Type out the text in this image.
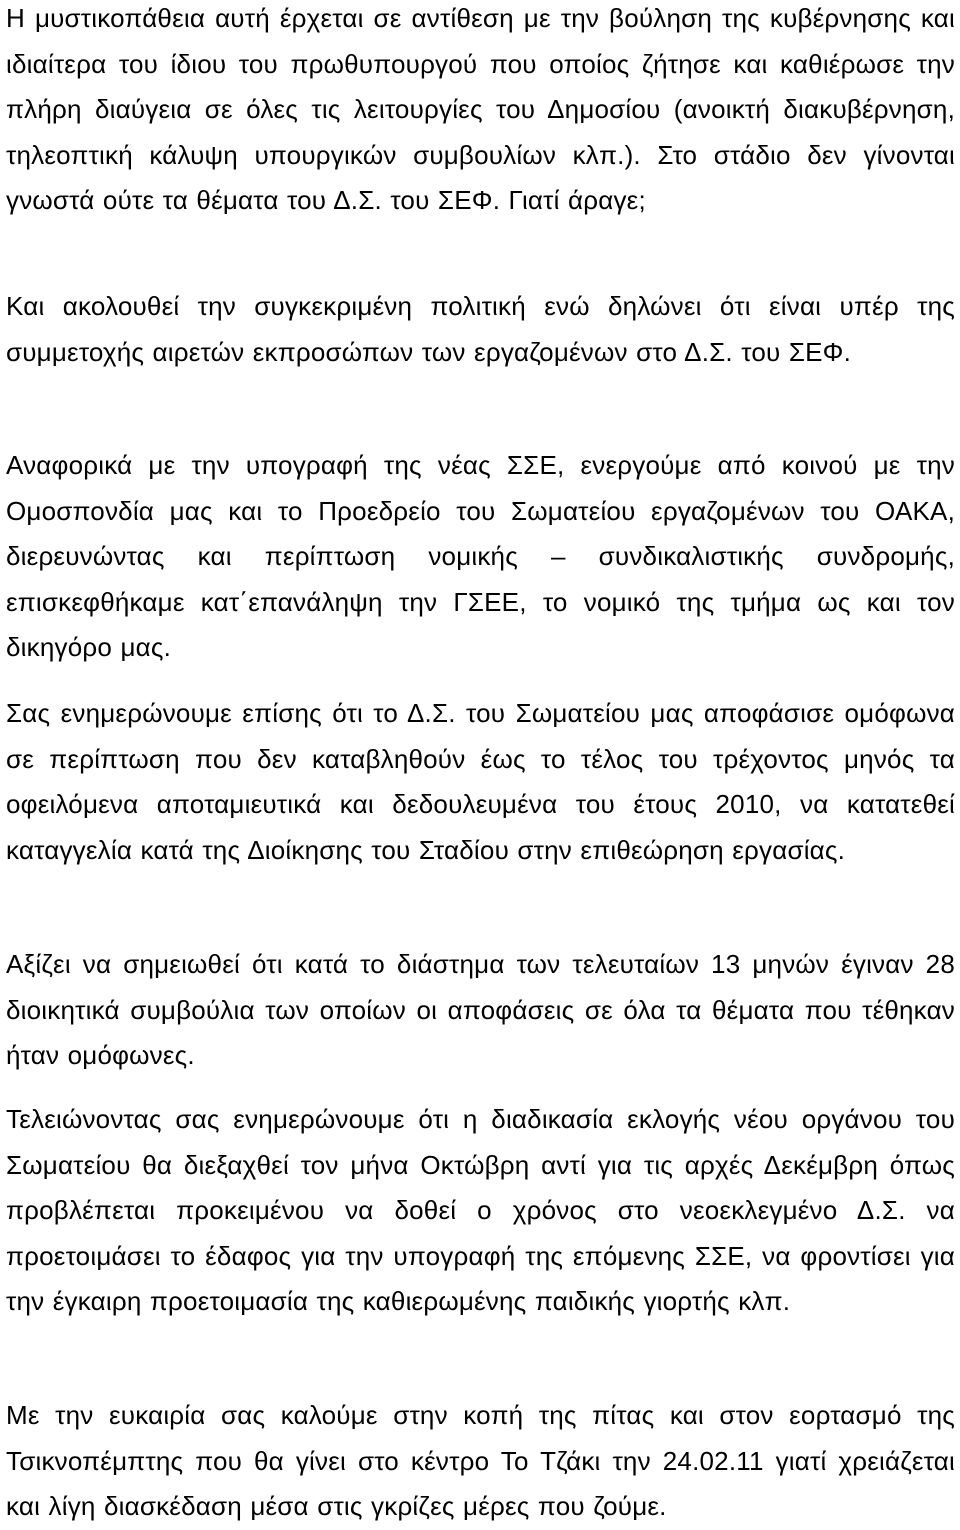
Η μυστικοπάθεια αυτή έρχεται σε αντίθεση με την βούληση της κυβέρνησης και ιδιαίτερα του ίδιου του πρωθυπουργού που οποίος ζήτησε και καθιέρωσε την πλήρη διαύγεια σε όλες τις λειτουργίες του Δημοσίου (ανοικτή διακυβέρνηση, τηλεοπτική κάλυψη υπουργικών συμβουλίων κλπ.). Στο στάδιο δεν γίνονται γνωστά ούτε τα θέματα του Δ.Σ. του ΣΕΦ. Γιατί άραγε;

Και ακολουθεί την συγκεκριμένη πολιτική ενώ δηλώνει ότι είναι υπέρ της συμμετοχής αιρετών εκπροσώπων των εργαζομένων στο Δ.Σ. του ΣΕΦ.

Αναφορικά με την υπογραφή της νέας ΣΣΕ, ενεργούμε από κοινού με την Ομοσπονδία μας και το Προεδρείο του Σωματείου εργαζομένων του ΟΑΚΑ, διερευνώντας και περίπτωση νομικής – συνδικαλιστικής συνδρομής, επισκεφθήκαμε κατ΄επανάληψη την ΓΣΕΕ, το νομικό της τμήμα ως και τον δικηγόρο μας.

Σας ενημερώνουμε επίσης ότι το Δ.Σ. του Σωματείου μας αποφάσισε ομόφωνα σε περίπτωση που δεν καταβληθούν έως το τέλος του τρέχοντος μηνός τα οφειλόμενα αποταμιευτικά και δεδουλευμένα του έτους 2010, να κατατεθεί καταγγελία κατά της Διοίκησης του Σταδίου στην επιθεώρηση εργασίας.

Αξίζει να σημειωθεί ότι κατά το διάστημα των τελευταίων 13 μηνών έγιναν 28 διοικητικά συμβούλια των οποίων οι αποφάσεις σε όλα τα θέματα που τέθηκαν ήταν ομόφωνες.

Τελειώνοντας σας ενημερώνουμε ότι η διαδικασία εκλογής νέου οργάνου του Σωματείου θα διεξαχθεί τον μήνα Οκτώβρη αντί για τις αρχές Δεκέμβρη όπως προβλέπεται προκειμένου να δοθεί ο χρόνος στο νεοεκλεγμένο Δ.Σ. να προετοιμάσει το έδαφος για την υπογραφή της επόμενης ΣΣΕ, να φροντίσει για την έγκαιρη προετοιμασία της καθιερωμένης παιδικής γιορτής κλπ.

Με την ευκαιρία σας καλούμε στην κοπή της πίτας και στον εορτασμό της Τσικνοπέμπτης που θα γίνει στο κέντρο Το Τζάκι την 24.02.11 γιατί χρειάζεται και λίγη διασκέδαση μέσα στις γκρίζες μέρες που ζούμε.
